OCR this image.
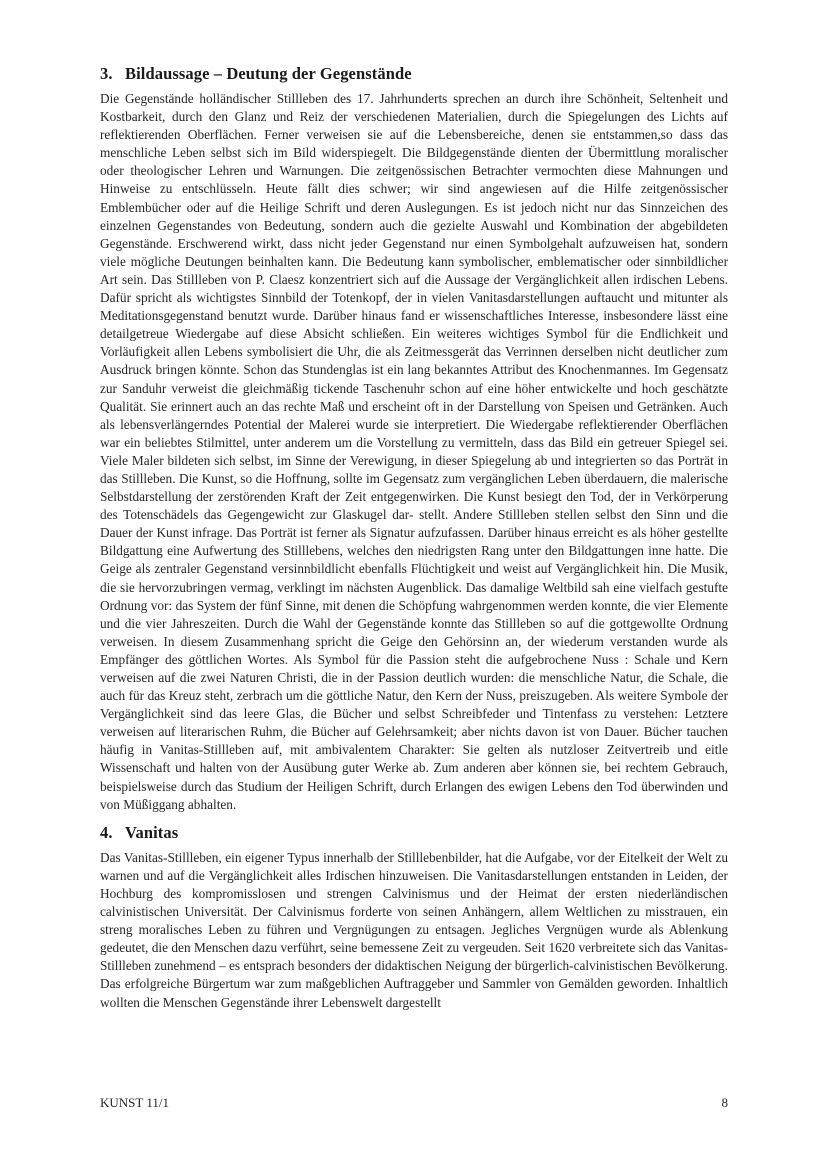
3. Bildaussage – Deutung der Gegenstände

Die Gegenstände holländischer Stillleben des 17. Jahrhunderts sprechen an durch ihre Schönheit, Seltenheit und Kostbarkeit, durch den Glanz und Reiz der verschiedenen Materialien, durch die Spiegelungen des Lichts auf reflektierenden Oberflächen. Ferner verweisen sie auf die Lebensbereiche, denen sie entstammen,so dass das menschliche Leben selbst sich im Bild widerspiegelt. Die Bildgegenstände dienten der Übermittlung moralischer oder theologischer Lehren und Warnungen. Die zeitgenössischen Betrachter vermochten diese Mahnungen und Hinweise zu entschlüsseln. Heute fällt dies schwer; wir sind angewiesen auf die Hilfe zeitgenössischer Emblembücher oder auf die Heilige Schrift und deren Auslegungen. Es ist jedoch nicht nur das Sinnzeichen des einzelnen Gegenstandes von Bedeutung, sondern auch die gezielte Auswahl und Kombination der abgebildeten Gegenstände. Erschwerend wirkt, dass nicht jeder Gegenstand nur einen Symbolgehalt aufzuweisen hat, sondern viele mögliche Deutungen beinhalten kann. Die Bedeutung kann symbolischer, emblematischer oder sinnbildlicher Art sein. Das Stillleben von P. Claesz konzentriert sich auf die Aussage der Vergänglichkeit allen irdischen Lebens. Dafür spricht als wichtigstes Sinnbild der Totenkopf, der in vielen Vanitasdarstellungen auftaucht und mitunter als Meditationsgegenstand benutzt wurde. Darüber hinaus fand er wissenschaftliches Interesse, insbesondere lässt eine detailgetreue Wiedergabe auf diese Absicht schließen. Ein weiteres wichtiges Symbol für die Endlichkeit und Vorläufigkeit allen Lebens symbolisiert die Uhr, die als Zeitmessgerät das Verrinnen derselben nicht deutlicher zum Ausdruck bringen könnte. Schon das Stundenglas ist ein lang bekanntes Attribut des Knochenmannes. Im Gegensatz zur Sanduhr verweist die gleichmäßig tickende Taschenuhr schon auf eine höher entwickelte und hoch geschätzte Qualität. Sie erinnert auch an das rechte Maß und erscheint oft in der Darstellung von Speisen und Getränken. Auch als lebensverlängerndes Potential der Malerei wurde sie interpretiert. Die Wiedergabe reflektierender Oberflächen war ein beliebtes Stilmittel, unter anderem um die Vorstellung zu vermitteln, dass das Bild ein getreuer Spiegel sei. Viele Maler bildeten sich selbst, im Sinne der Verewigung, in dieser Spiegelung ab und integrierten so das Porträt in das Stillleben. Die Kunst, so die Hoffnung, sollte im Gegensatz zum vergänglichen Leben überdauern, die malerische Selbstdarstellung der zerstörenden Kraft der Zeit entgegenwirken. Die Kunst besiegt den Tod, der in Verkörperung des Totenschädels das Gegengewicht zur Glaskugel dar- stellt. Andere Stillleben stellen selbst den Sinn und die Dauer der Kunst infrage. Das Porträt ist ferner als Signatur aufzufassen. Darüber hinaus erreicht es als höher gestellte Bildgattung eine Aufwertung des Stilllebens, welches den niedrigsten Rang unter den Bildgattungen inne hatte. Die Geige als zentraler Gegenstand versinnbildlicht ebenfalls Flüchtigkeit und weist auf Vergänglichkeit hin. Die Musik, die sie hervorzubringen vermag, verklingt im nächsten Augenblick. Das damalige Weltbild sah eine vielfach gestufte Ordnung vor: das System der fünf Sinne, mit denen die Schöpfung wahrgenommen werden konnte, die vier Elemente und die vier Jahreszeiten. Durch die Wahl der Gegenstände konnte das Stillleben so auf die gottgewollte Ordnung verweisen. In diesem Zusammenhang spricht die Geige den Gehörsinn an, der wiederum verstanden wurde als Empfänger des göttlichen Wortes. Als Symbol für die Passion steht die aufgebrochene Nuss : Schale und Kern verweisen auf die zwei Naturen Christi, die in der Passion deutlich wurden: die menschliche Natur, die Schale, die auch für das Kreuz steht, zerbrach um die göttliche Natur, den Kern der Nuss, preiszugeben. Als weitere Symbole der Vergänglichkeit sind das leere Glas, die Bücher und selbst Schreibfeder und Tintenfass zu verstehen: Letztere verweisen auf literarischen Ruhm, die Bücher auf Gelehrsamkeit; aber nichts davon ist von Dauer. Bücher tauchen häufig in Vanitas-Stillleben auf, mit ambivalentem Charakter: Sie gelten als nutzloser Zeitvertreib und eitle Wissenschaft und halten von der Ausübung guter Werke ab. Zum anderen aber können sie, bei rechtem Gebrauch, beispielsweise durch das Studium der Heiligen Schrift, durch Erlangen des ewigen Lebens den Tod überwinden und von Müßiggang abhalten.

4. Vanitas

Das Vanitas-Stillleben, ein eigener Typus innerhalb der Stilllebenbilder, hat die Aufgabe, vor der Eitelkeit der Welt zu warnen und auf die Vergänglichkeit alles Irdischen hinzuweisen. Die Vanitasdarstellungen entstanden in Leiden, der Hochburg des kompromisslosen und strengen Calvinismus und der Heimat der ersten niederländischen calvinistischen Universität. Der Calvinismus forderte von seinen Anhängern, allem Weltlichen zu misstrauen, ein streng moralisches Leben zu führen und Vergnügungen zu entsagen. Jegliches Vergnügen wurde als Ablenkung gedeutet, die den Menschen dazu verführt, seine bemessene Zeit zu vergeuden. Seit 1620 verbreitete sich das Vanitas-Stillleben zunehmend – es entsprach besonders der didaktischen Neigung der bürgerlich-calvinistischen Bevölkerung. Das erfolgreiche Bürgertum war zum maßgeblichen Auftraggeber und Sammler von Gemälden geworden. Inhaltlich wollten die Menschen Gegenstände ihrer Lebenswelt dargestellt

KUNST 11/1	8
